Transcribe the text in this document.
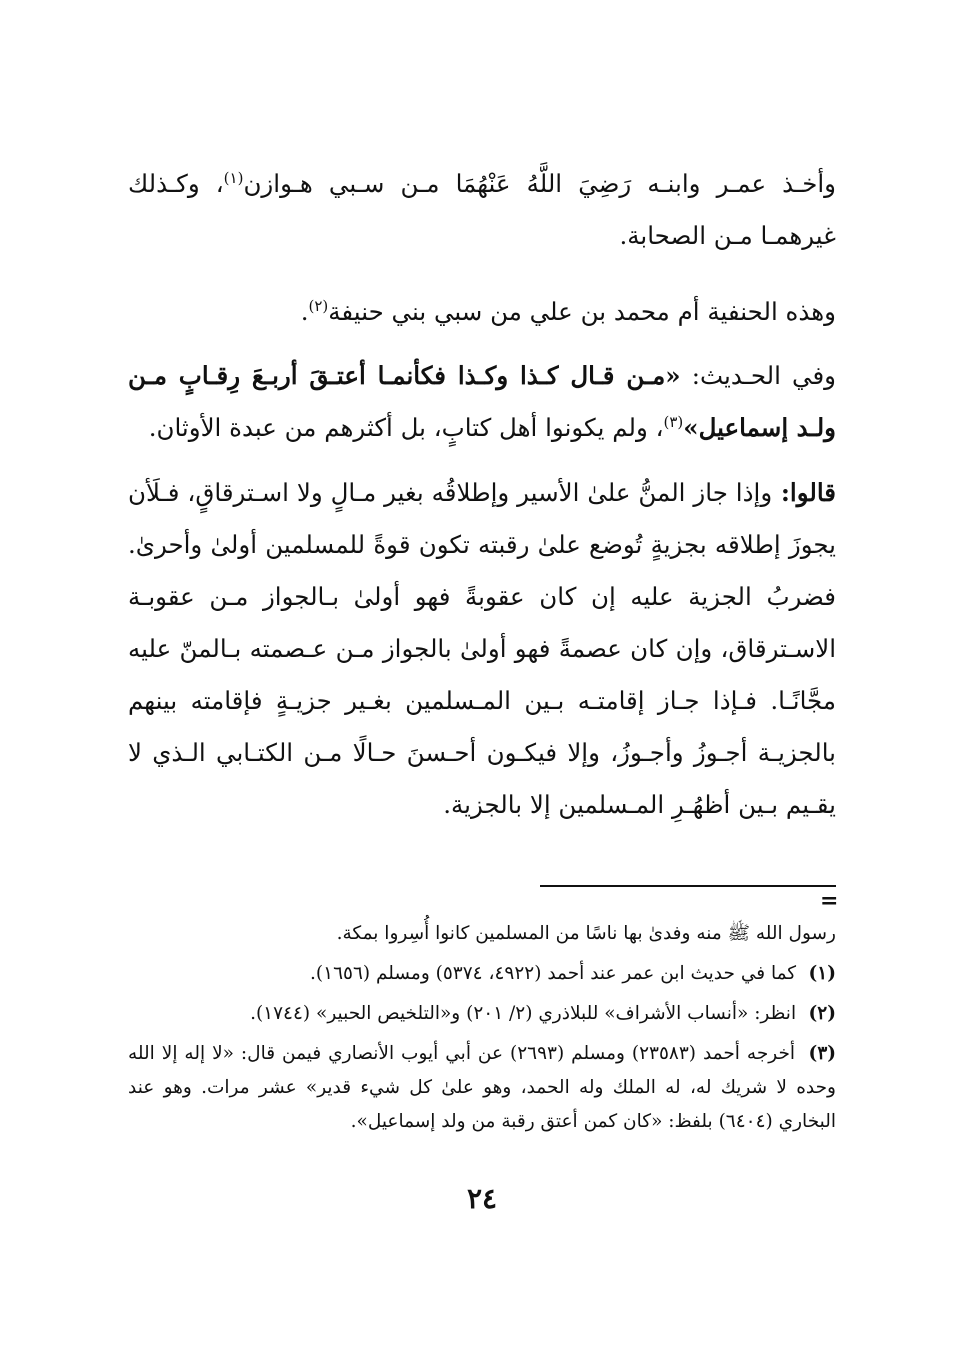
وأخـذ عمـر وابنـه رَضِيَ اللَّهُ عَنْهُمَا مـن سـبي هـوازن$^{(١)}$، وكـذلك غيرهمـا مـن الصحابة.

وهذه الحنفية أم محمد بن علي من سبي بني حنيفة$^{(٢)}$.

وفي الحـديث: «مـن قـال كـذا وكـذا فكأنمـا أعتـقَ أربـعَ رِقـابٍ مـن ولـد إسماعيل»$^{(٣)}$، ولم يكونوا أهل كتابٍ، بل أكثرهم من عبدة الأوثان.

قالوا: وإذا جاز المنُّ علىٰ الأسير وإطلاقُه بغير مـالٍ ولا اسـترقاقٍ، فـلَأن يجوزَ إطلاقه بجزيةٍ تُوضع علىٰ رقبته تكون قوةً للمسلمين أولىٰ وأحرىٰ. فضربُ الجزية عليه إن كان عقوبةً فهو أولىٰ بـالجواز مـن عقوبـة الاسـترقاق، وإن كان عصمةً فهو أولىٰ بالجواز مـن عـصمته بـالمنّ عليه مجَّانًـا. فـإذا جـاز إقامتـه بـين المـسلمين بغـير جزيـةٍ فإقامته بينهم بالجزيـة أجـوزُ وأجـوزُ، وإلا فيكـون أحـسنَ حـالًا مـن الكتـابي الـذي لا يقـيم بـين أظهُـرِ المـسلمين إلا بالجزية.

=

رسول الله ﷺ منه وفدىٰ بها ناسًا من المسلمين كانوا أُسِروا بمكة.

(١) كما في حديث ابن عمر عند أحمد (٤٩٢٢، ٥٣٧٤) ومسلم (١٦٥٦).

(٢) انظر: «أنساب الأشراف» للبلاذري (٢/ ٢٠١) و«التلخيص الحبير» (١٧٤٤).

(٣) أخرجه أحمد (٢٣٥٨٣) ومسلم (٢٦٩٣) عن أبي أيوب الأنصاري فيمن قال: «لا إله إلا الله وحده لا شريك له، له الملك وله الحمد، وهو علىٰ كل شيء قدير» عشر مرات. وهو عند البخاري (٦٤٠٤) بلفظ: «كان كمن أعتق رقبة من ولد إسماعيل».

٢٤
